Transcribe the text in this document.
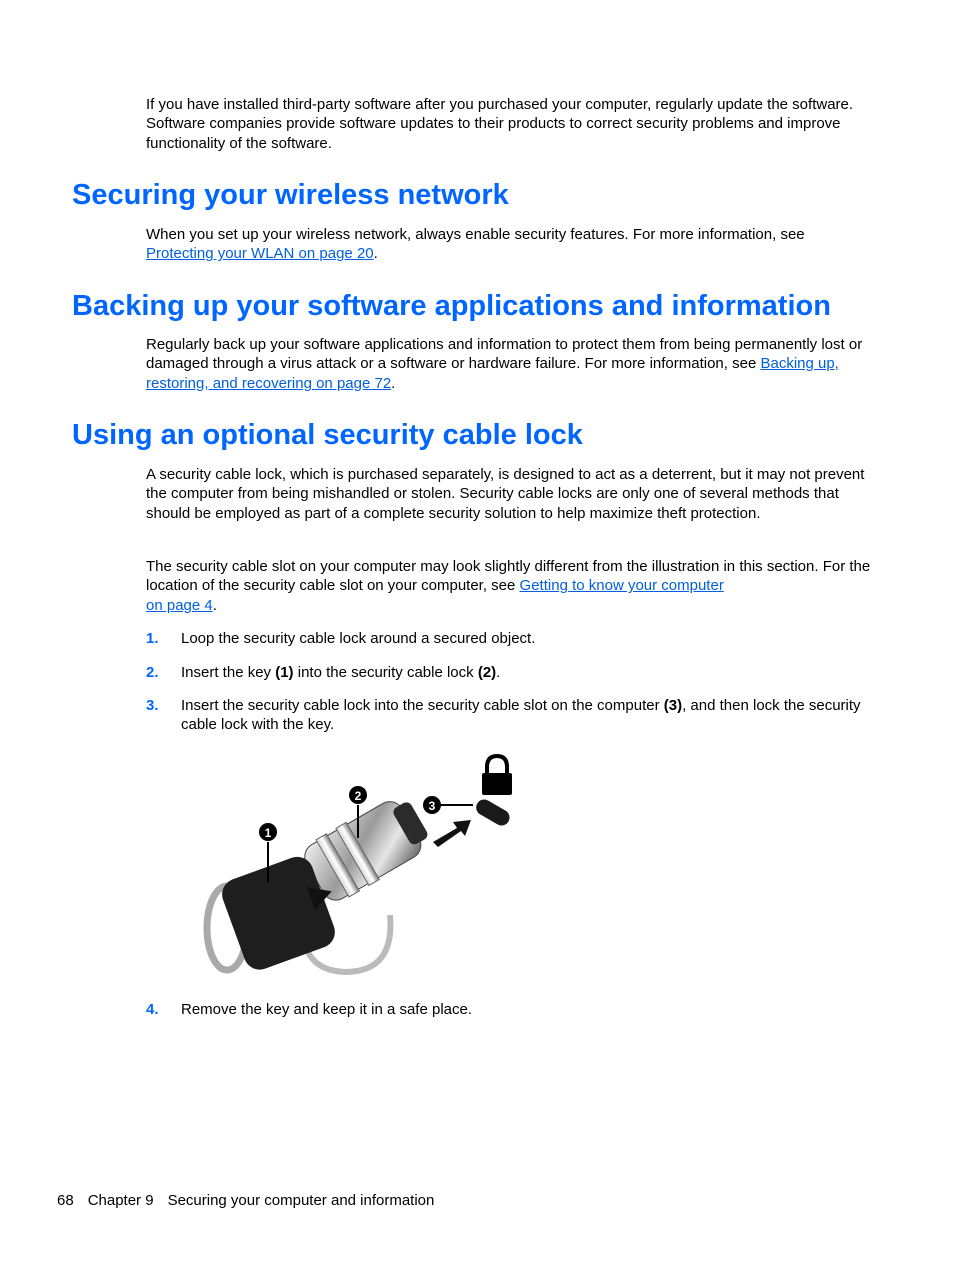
If you have installed third-party software after you purchased your computer, regularly update the software. Software companies provide software updates to their products to correct security problems and improve functionality of the software.

Securing your wireless network

When you set up your wireless network, always enable security features. For more information, see Protecting your WLAN on page 20.

Backing up your software applications and information

Regularly back up your software applications and information to protect them from being permanently lost or damaged through a virus attack or a software or hardware failure. For more information, see Backing up, restoring, and recovering on page 72.

Using an optional security cable lock

A security cable lock, which is purchased separately, is designed to act as a deterrent, but it may not prevent the computer from being mishandled or stolen. Security cable locks are only one of several methods that should be employed as part of a complete security solution to help maximize theft protection.

The security cable slot on your computer may look slightly different from the illustration in this section. For the location of the security cable slot on your computer, see Getting to know your computer
on page 4.

1. Loop the security cable lock around a secured object.
2. Insert the key (1) into the security cable lock (2).
3. Insert the security cable lock into the security cable slot on the computer (3), and then lock the security cable lock with the key.
1
2
3
4. Remove the key and keep it in a safe place.
68 Chapter 9 Securing your computer and information
